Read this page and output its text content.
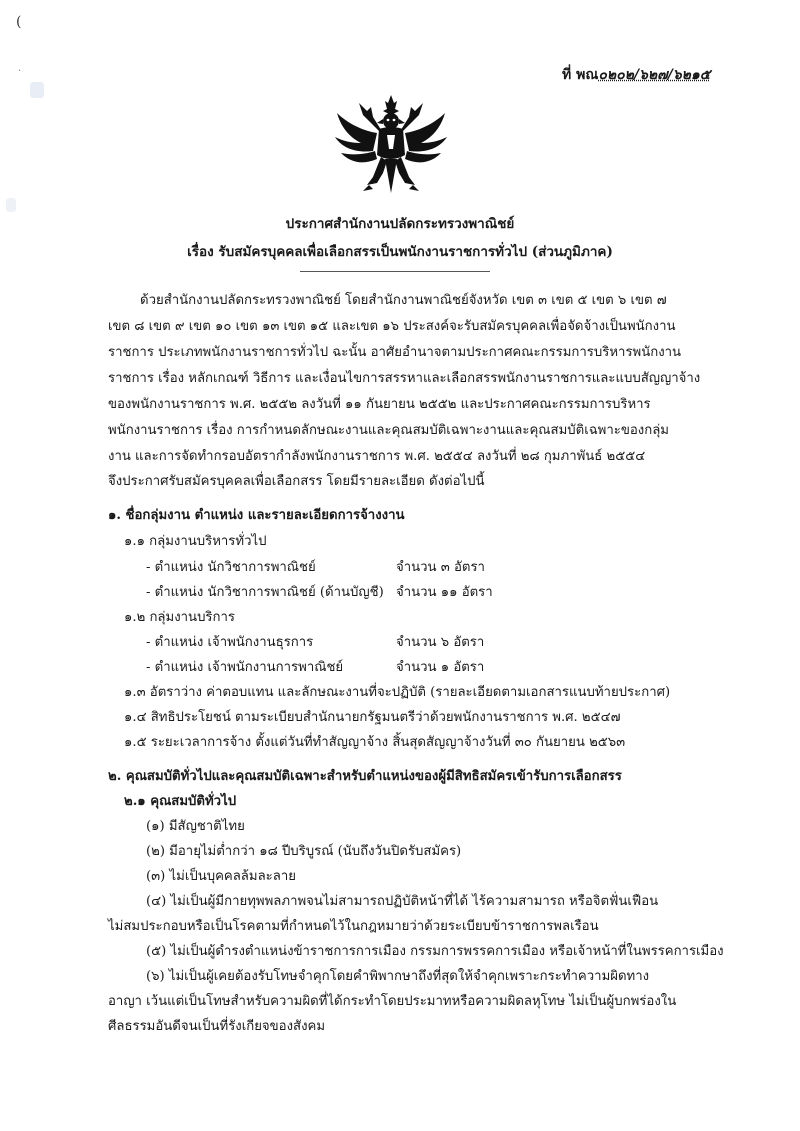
(
·	ที่ พณ๐๒๐๒/๖๒๗/๖๒๑๕
ประกาศสำนักงานปลัดกระทรวงพาณิชย์
เรื่อง รับสมัครบุคคลเพื่อเลือกสรรเป็นพนักงานราชการทั่วไป (ส่วนภูมิภาค)
ด้วยสำนักงานปลัดกระทรวงพาณิชย์ โดยสำนักงานพาณิชย์จังหวัด เขต ๓ เขต ๕ เขต ๖ เขต ๗
เขต ๘ เขต ๙ เขต ๑๐ เขต ๑๓ เขต ๑๕ และเขต ๑๖ ประสงค์จะรับสมัครบุคคลเพื่อจัดจ้างเป็นพนักงาน
ราชการ ประเภทพนักงานราชการทั่วไป ฉะนั้น อาศัยอำนาจตามประกาศคณะกรรมการบริหารพนักงาน
ราชการ เรื่อง หลักเกณฑ์ วิธีการ และเงื่อนไขการสรรหาและเลือกสรรพนักงานราชการและแบบสัญญาจ้าง
ของพนักงานราชการ พ.ศ. ๒๕๕๒ ลงวันที่ ๑๑ กันยายน ๒๕๕๒ และประกาศคณะกรรมการบริหาร
พนักงานราชการ เรื่อง การกำหนดลักษณะงานและคุณสมบัติเฉพาะงานและคุณสมบัติเฉพาะของกลุ่ม
งาน และการจัดทำกรอบอัตรากำลังพนักงานราชการ พ.ศ. ๒๕๕๔ ลงวันที่ ๒๘ กุมภาพันธ์ ๒๕๕๔
จึงประกาศรับสมัครบุคคลเพื่อเลือกสรร โดยมีรายละเอียด ดังต่อไปนี้
๑. ชื่อกลุ่มงาน ตำแหน่ง และรายละเอียดการจ้างงาน
๑.๑ กลุ่มงานบริหารทั่วไป
- ตำแหน่ง นักวิชาการพาณิชย์	จำนวน ๓ อัตรา
- ตำแหน่ง นักวิชาการพาณิชย์ (ด้านบัญชี) จำนวน ๑๑ อัตรา
๑.๒ กลุ่มงานบริการ
- ตำแหน่ง เจ้าพนักงานธุรการ	จำนวน ๖ อัตรา
- ตำแหน่ง เจ้าพนักงานการพาณิชย์	จำนวน ๑ อัตรา
๑.๓ อัตราว่าง ค่าตอบแทน และลักษณะงานที่จะปฏิบัติ (รายละเอียดตามเอกสารแนบท้ายประกาศ)
๑.๔ สิทธิประโยชน์ ตามระเบียบสำนักนายกรัฐมนตรีว่าด้วยพนักงานราชการ พ.ศ. ๒๕๔๗
๑.๕ ระยะเวลาการจ้าง ตั้งแต่วันที่ทำสัญญาจ้าง สิ้นสุดสัญญาจ้างวันที่ ๓๐ กันยายน ๒๕๖๓
๒. คุณสมบัติทั่วไปและคุณสมบัติเฉพาะสำหรับตำแหน่งของผู้มีสิทธิสมัครเข้ารับการเลือกสรร
๒.๑ คุณสมบัติทั่วไป
(๑) มีสัญชาติไทย
(๒) มีอายุไม่ต่ำกว่า ๑๘ ปีบริบูรณ์ (นับถึงวันปิดรับสมัคร)
(๓) ไม่เป็นบุคคลล้มละลาย
(๔) ไม่เป็นผู้มีกายทุพพลภาพจนไม่สามารถปฏิบัติหน้าที่ได้ ไร้ความสามารถ หรือจิตฟั่นเฟือน
ไม่สมประกอบหรือเป็นโรคตามที่กำหนดไว้ในกฎหมายว่าด้วยระเบียบข้าราชการพลเรือน
(๕) ไม่เป็นผู้ดำรงตำแหน่งข้าราชการการเมือง กรรมการพรรคการเมือง หรือเจ้าหน้าที่ในพรรคการเมือง
(๖) ไม่เป็นผู้เคยต้องรับโทษจำคุกโดยคำพิพากษาถึงที่สุดให้จำคุกเพราะกระทำความผิดทาง
อาญา เว้นแต่เป็นโทษสำหรับความผิดที่ได้กระทำโดยประมาทหรือความผิดลหุโทษ ไม่เป็นผู้บกพร่องใน
ศีลธรรมอันดีจนเป็นที่รังเกียจของสังคม
